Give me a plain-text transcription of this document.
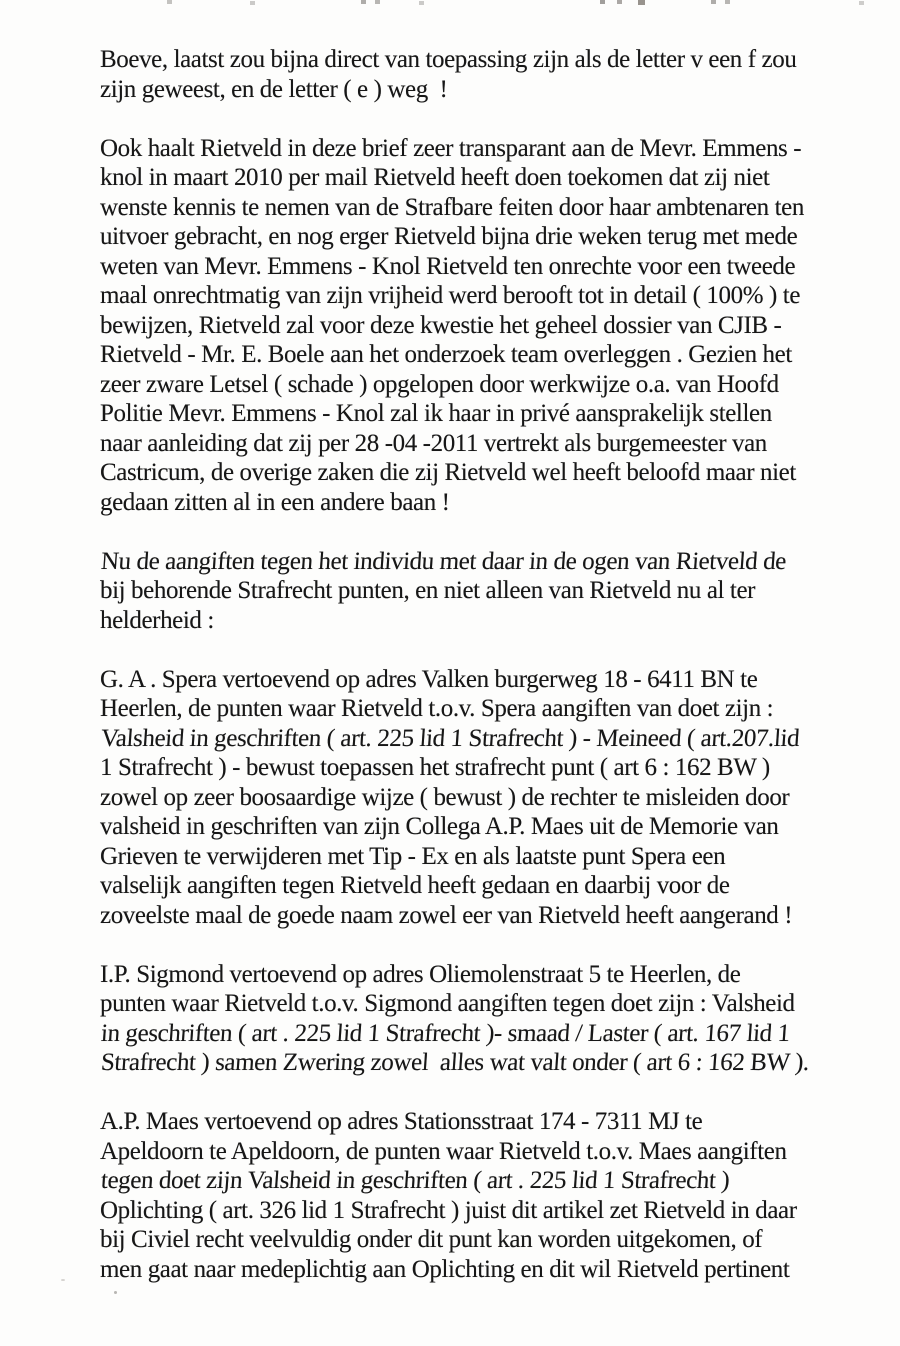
Boeve, laatst zou bijna direct van toepassing zijn als de letter v een f zou
zijn geweest, en de letter ( e ) weg  !
Ook haalt Rietveld in deze brief zeer transparant aan de Mevr. Emmens -
knol in maart 2010 per mail Rietveld heeft doen toekomen dat zij niet
wenste kennis te nemen van de Strafbare feiten door haar ambtenaren ten
uitvoer gebracht, en nog erger Rietveld bijna drie weken terug met mede
weten van Mevr. Emmens - Knol Rietveld ten onrechte voor een tweede
maal onrechtmatig van zijn vrijheid werd berooft tot in detail ( 100% ) te
bewijzen, Rietveld zal voor deze kwestie het geheel dossier van CJIB -
Rietveld - Mr. E. Boele aan het onderzoek team overleggen . Gezien het
zeer zware Letsel ( schade ) opgelopen door werkwijze o.a. van Hoofd
Politie Mevr. Emmens - Knol zal ik haar in privé aansprakelijk stellen
naar aanleiding dat zij per 28 -04 -2011 vertrekt als burgemeester van
Castricum, de overige zaken die zij Rietveld wel heeft beloofd maar niet
gedaan zitten al in een andere baan !
Nu de aangiften tegen het individu met daar in de ogen van Rietveld de
bij behorende Strafrecht punten, en niet alleen van Rietveld nu al ter
helderheid :
G. A . Spera vertoevend op adres Valken burgerweg 18 - 6411 BN te
Heerlen, de punten waar Rietveld t.o.v. Spera aangiften van doet zijn :
Valsheid in geschriften ( art. 225 lid 1 Strafrecht ) - Meineed ( art.207.lid
1 Strafrecht ) - bewust toepassen het strafrecht punt ( art 6 : 162 BW )
zowel op zeer boosaardige wijze ( bewust ) de rechter te misleiden door
valsheid in geschriften van zijn Collega A.P. Maes uit de Memorie van
Grieven te verwijderen met Tip - Ex en als laatste punt Spera een
valselijk aangiften tegen Rietveld heeft gedaan en daarbij voor de
zoveelste maal de goede naam zowel eer van Rietveld heeft aangerand !
I.P. Sigmond vertoevend op adres Oliemolenstraat 5 te Heerlen, de
punten waar Rietveld t.o.v. Sigmond aangiften tegen doet zijn : Valsheid
in geschriften ( art . 225 lid 1 Strafrecht )- smaad / Laster ( art. 167 lid 1
Strafrecht ) samen Zwering zowel  alles wat valt onder ( art 6 : 162 BW ).
A.P. Maes vertoevend op adres Stationsstraat 174 - 7311 MJ te
Apeldoorn te Apeldoorn, de punten waar Rietveld t.o.v. Maes aangiften
tegen doet zijn Valsheid in geschriften ( art . 225 lid 1 Strafrecht )
Oplichting ( art. 326 lid 1 Strafrecht ) juist dit artikel zet Rietveld in daar
bij Civiel recht veelvuldig onder dit punt kan worden uitgekomen, of
men gaat naar medeplichtig aan Oplichting en dit wil Rietveld pertinent
